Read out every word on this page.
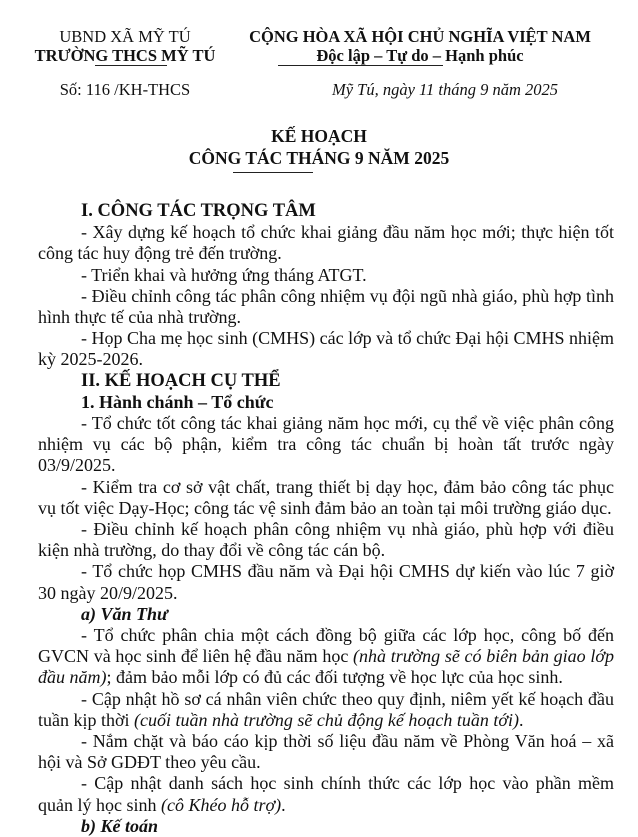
UBND XÃ MỸ TÚ
TRƯỜNG THCS MỸ TÚ
CỘNG HÒA XÃ HỘI CHỦ NGHĨA VIỆT NAM
Độc lập – Tự do – Hạnh phúc
Số: 116 /KH-THCS	Mỹ Tú, ngày 11 tháng 9 năm 2025
KẾ HOẠCH
CÔNG TÁC THÁNG 9 NĂM 2025
I. CÔNG TÁC TRỌNG TÂM

- Xây dựng kế hoạch tổ chức khai giảng đầu năm học mới; thực hiện tốt công tác huy động trẻ đến trường.

- Triển khai và hưởng ứng tháng ATGT.

- Điều chỉnh công tác phân công nhiệm vụ đội ngũ nhà giáo, phù hợp tình hình thực tế của nhà trường.

- Họp Cha mẹ học sinh (CMHS) các lớp và tổ chức Đại hội CMHS nhiệm kỳ 2025-2026.

II. KẾ HOẠCH CỤ THỂ
1. Hành chánh – Tổ chức

- Tổ chức tốt công tác khai giảng năm học mới, cụ thể về việc phân công nhiệm vụ các bộ phận, kiểm tra công tác chuẩn bị hoàn tất trước ngày 03/9/2025.

- Kiểm tra cơ sở vật chất, trang thiết bị dạy học, đảm bảo công tác phục vụ tốt việc Dạy-Học; công tác vệ sinh đảm bảo an toàn tại môi trường giáo dục.

- Điều chỉnh kế hoạch phân công nhiệm vụ nhà giáo, phù hợp với điều kiện nhà trường, do thay đổi về công tác cán bộ.

- Tổ chức họp CMHS đầu năm và Đại hội CMHS dự kiến vào lúc 7 giờ 30 ngày 20/9/2025.

a) Văn Thư

- Tổ chức phân chia một cách đồng bộ giữa các lớp học, công bố đến GVCN và học sinh để liên hệ đầu năm học (nhà trường sẽ có biên bản giao lớp đầu năm); đảm bảo mỗi lớp có đủ các đối tượng về học lực của học sinh.

- Cập nhật hồ sơ cá nhân viên chức theo quy định, niêm yết kế hoạch đầu tuần kịp thời (cuối tuần nhà trường sẽ chủ động kế hoạch tuần tới).

- Nắm chặt và báo cáo kịp thời số liệu đầu năm về Phòng Văn hoá – xã hội và Sở GDĐT theo yêu cầu.

- Cập nhật danh sách học sinh chính thức các lớp học vào phần mềm quản lý học sinh (cô Khéo hỗ trợ).

b) Kế toán
